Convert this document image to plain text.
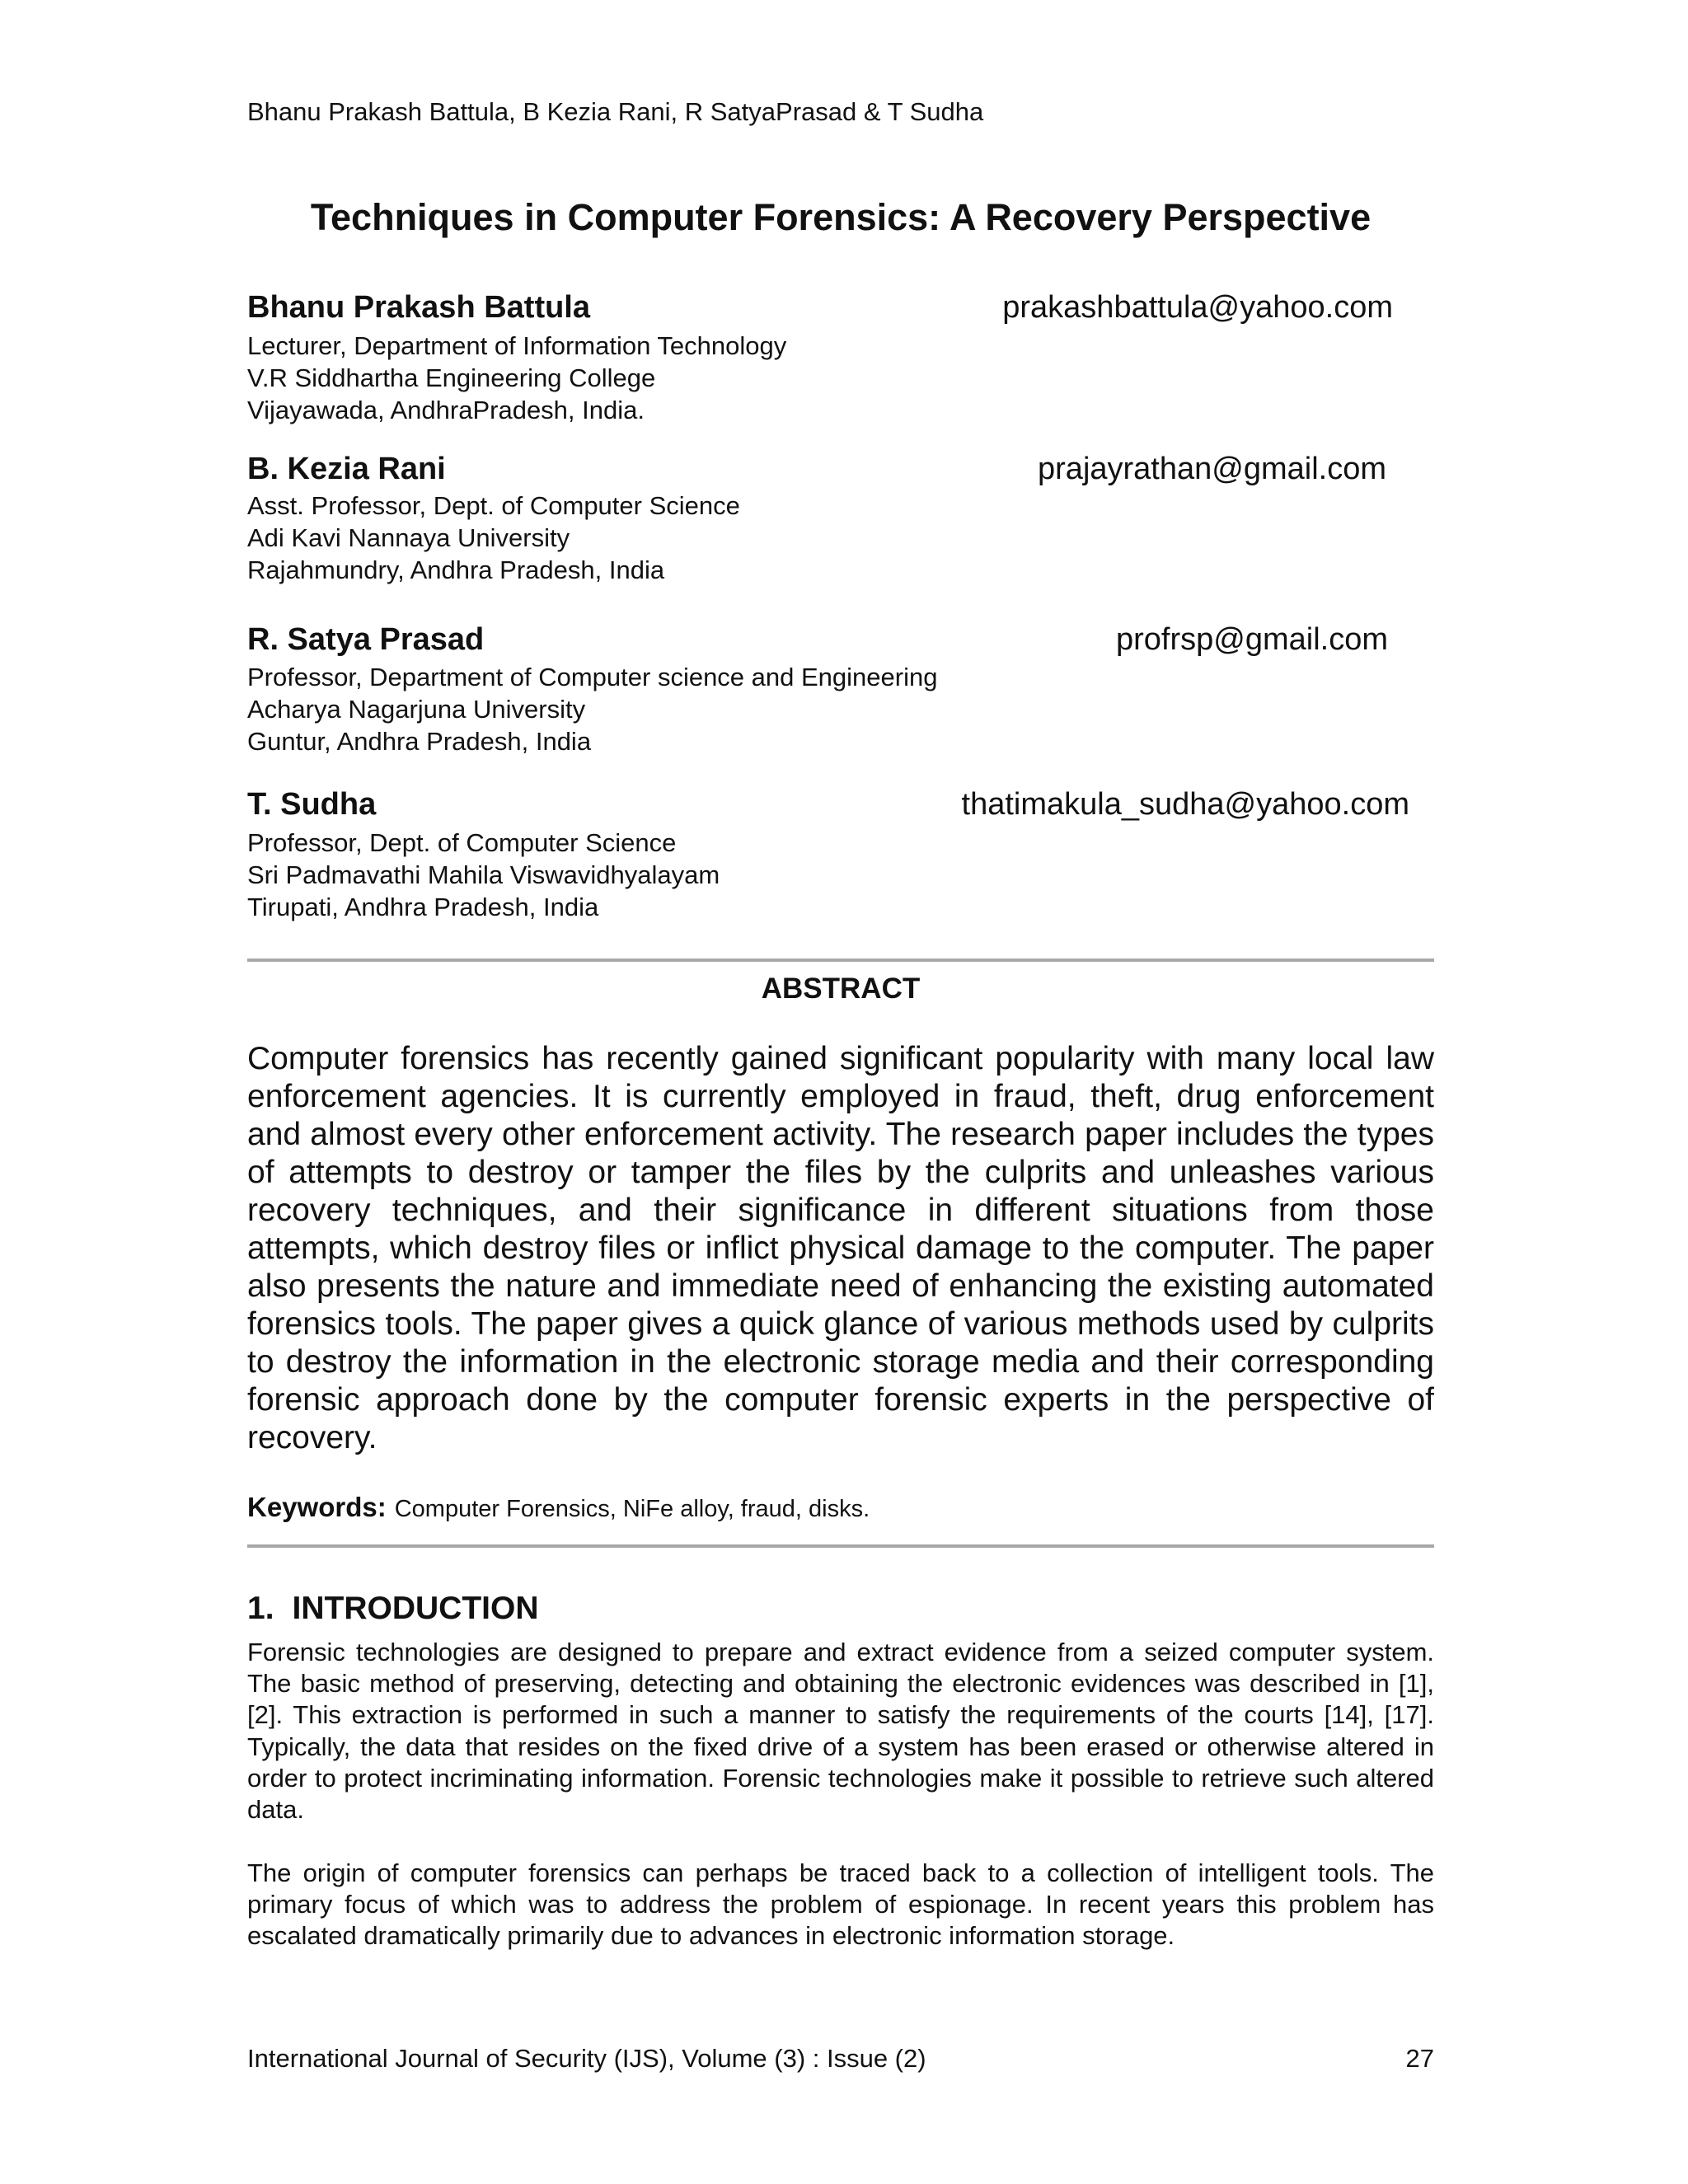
Bhanu Prakash Battula, B Kezia Rani, R SatyaPrasad & T Sudha
Techniques in Computer Forensics: A Recovery Perspective
Bhanu Prakash Battula	prakashbattula@yahoo.com
Lecturer, Department of Information Technology
V.R Siddhartha Engineering College
Vijayawada, AndhraPradesh, India.
B. Kezia Rani	prajayrathan@gmail.com
Asst. Professor, Dept. of Computer Science
Adi Kavi Nannaya University
Rajahmundry, Andhra Pradesh, India
R. Satya Prasad	profrsp@gmail.com
Professor, Department of Computer science and Engineering
Acharya Nagarjuna University
Guntur, Andhra Pradesh, India
T. Sudha	thatimakula_sudha@yahoo.com
Professor, Dept. of Computer Science
Sri Padmavathi Mahila Viswavidhyalayam
Tirupati, Andhra Pradesh, India
ABSTRACT
Computer forensics has recently gained significant popularity with many local law enforcement agencies. It is currently employed in fraud, theft, drug enforcement and almost every other enforcement activity. The research paper includes the types of attempts to destroy or tamper the files by the culprits and unleashes various recovery techniques, and their significance in different situations from those attempts, which destroy files or inflict physical damage to the computer. The paper also presents the nature and immediate need of enhancing the existing automated forensics tools. The paper gives a quick glance of various methods used by culprits to destroy the information in the electronic storage media and their corresponding forensic approach done by the computer forensic experts in the perspective of recovery.
Keywords: Computer Forensics, NiFe alloy, fraud, disks.
1. INTRODUCTION
Forensic technologies are designed to prepare and extract evidence from a seized computer system. The basic method of preserving, detecting and obtaining the electronic evidences was described in [1], [2]. This extraction is performed in such a manner to satisfy the requirements of the courts [14], [17]. Typically, the data that resides on the fixed drive of a system has been erased or otherwise altered in order to protect incriminating information. Forensic technologies make it possible to retrieve such altered data.
The origin of computer forensics can perhaps be traced back to a collection of intelligent tools. The primary focus of which was to address the problem of espionage. In recent years this problem has escalated dramatically primarily due to advances in electronic information storage.
International Journal of Security (IJS), Volume (3) : Issue (2)	27
